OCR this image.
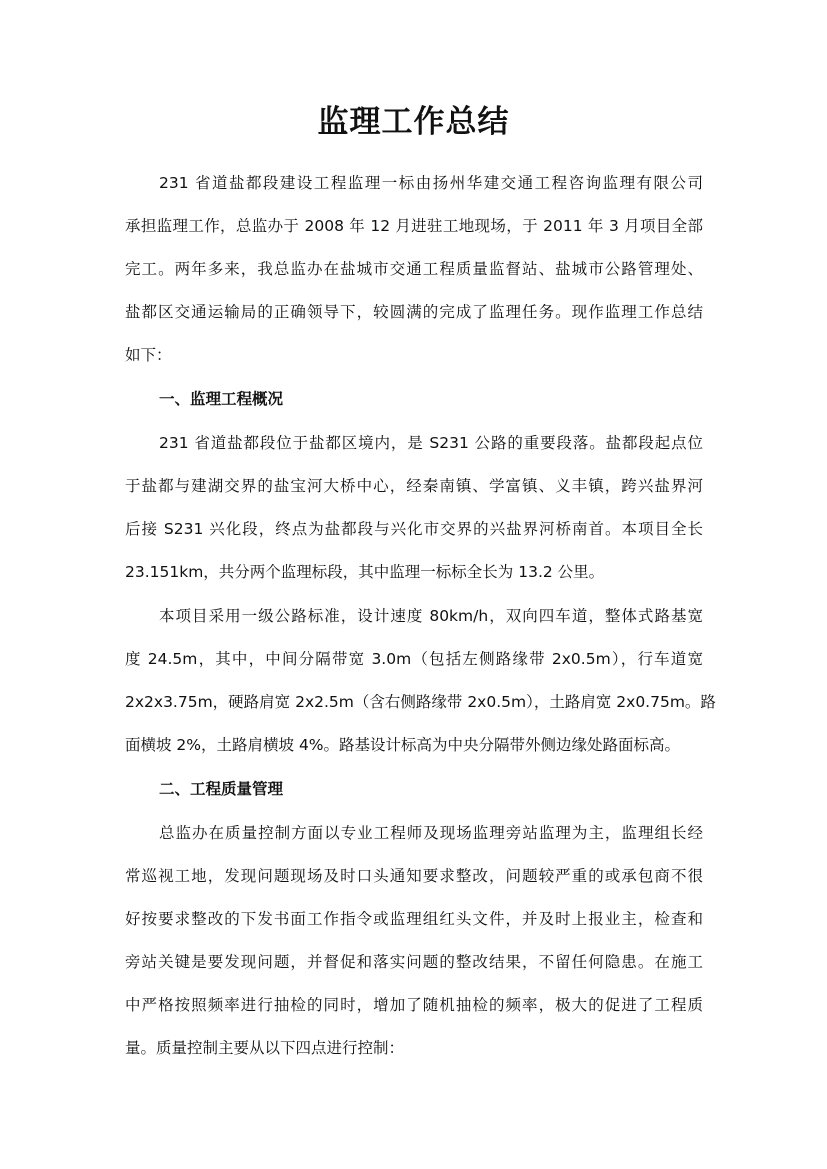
监理工作总结

231 省道盐都段建设工程监理一标由扬州华建交通工程咨询监理有限公司

承担监理工作，总监办于 2008 年 12 月进驻工地现场，于 2011 年 3 月项目全部

完工。两年多来，我总监办在盐城市交通工程质量监督站、盐城市公路管理处、

盐都区交通运输局的正确领导下，较圆满的完成了监理任务。现作监理工作总结

如下：

一、监理工程概况

231 省道盐都段位于盐都区境内，是 S231 公路的重要段落。盐都段起点位

于盐都与建湖交界的盐宝河大桥中心，经秦南镇、学富镇、义丰镇，跨兴盐界河

后接 S231 兴化段，终点为盐都段与兴化市交界的兴盐界河桥南首。本项目全长

23.151km，共分两个监理标段，其中监理一标标全长为 13.2 公里。

本项目采用一级公路标准，设计速度 80km/h，双向四车道，整体式路基宽

度 24.5m，其中，中间分隔带宽 3.0m（包括左侧路缘带 2x0.5m），行车道宽

2x2x3.75m，硬路肩宽 2x2.5m（含右侧路缘带 2x0.5m），土路肩宽 2x0.75m。路

面横坡 2%，土路肩横坡 4%。路基设计标高为中央分隔带外侧边缘处路面标高。

二、工程质量管理

总监办在质量控制方面以专业工程师及现场监理旁站监理为主，监理组长经

常巡视工地，发现问题现场及时口头通知要求整改，问题较严重的或承包商不很

好按要求整改的下发书面工作指令或监理组红头文件，并及时上报业主，检查和

旁站关键是要发现问题，并督促和落实问题的整改结果，不留任何隐患。在施工

中严格按照频率进行抽检的同时，增加了随机抽检的频率，极大的促进了工程质

量。质量控制主要从以下四点进行控制：
